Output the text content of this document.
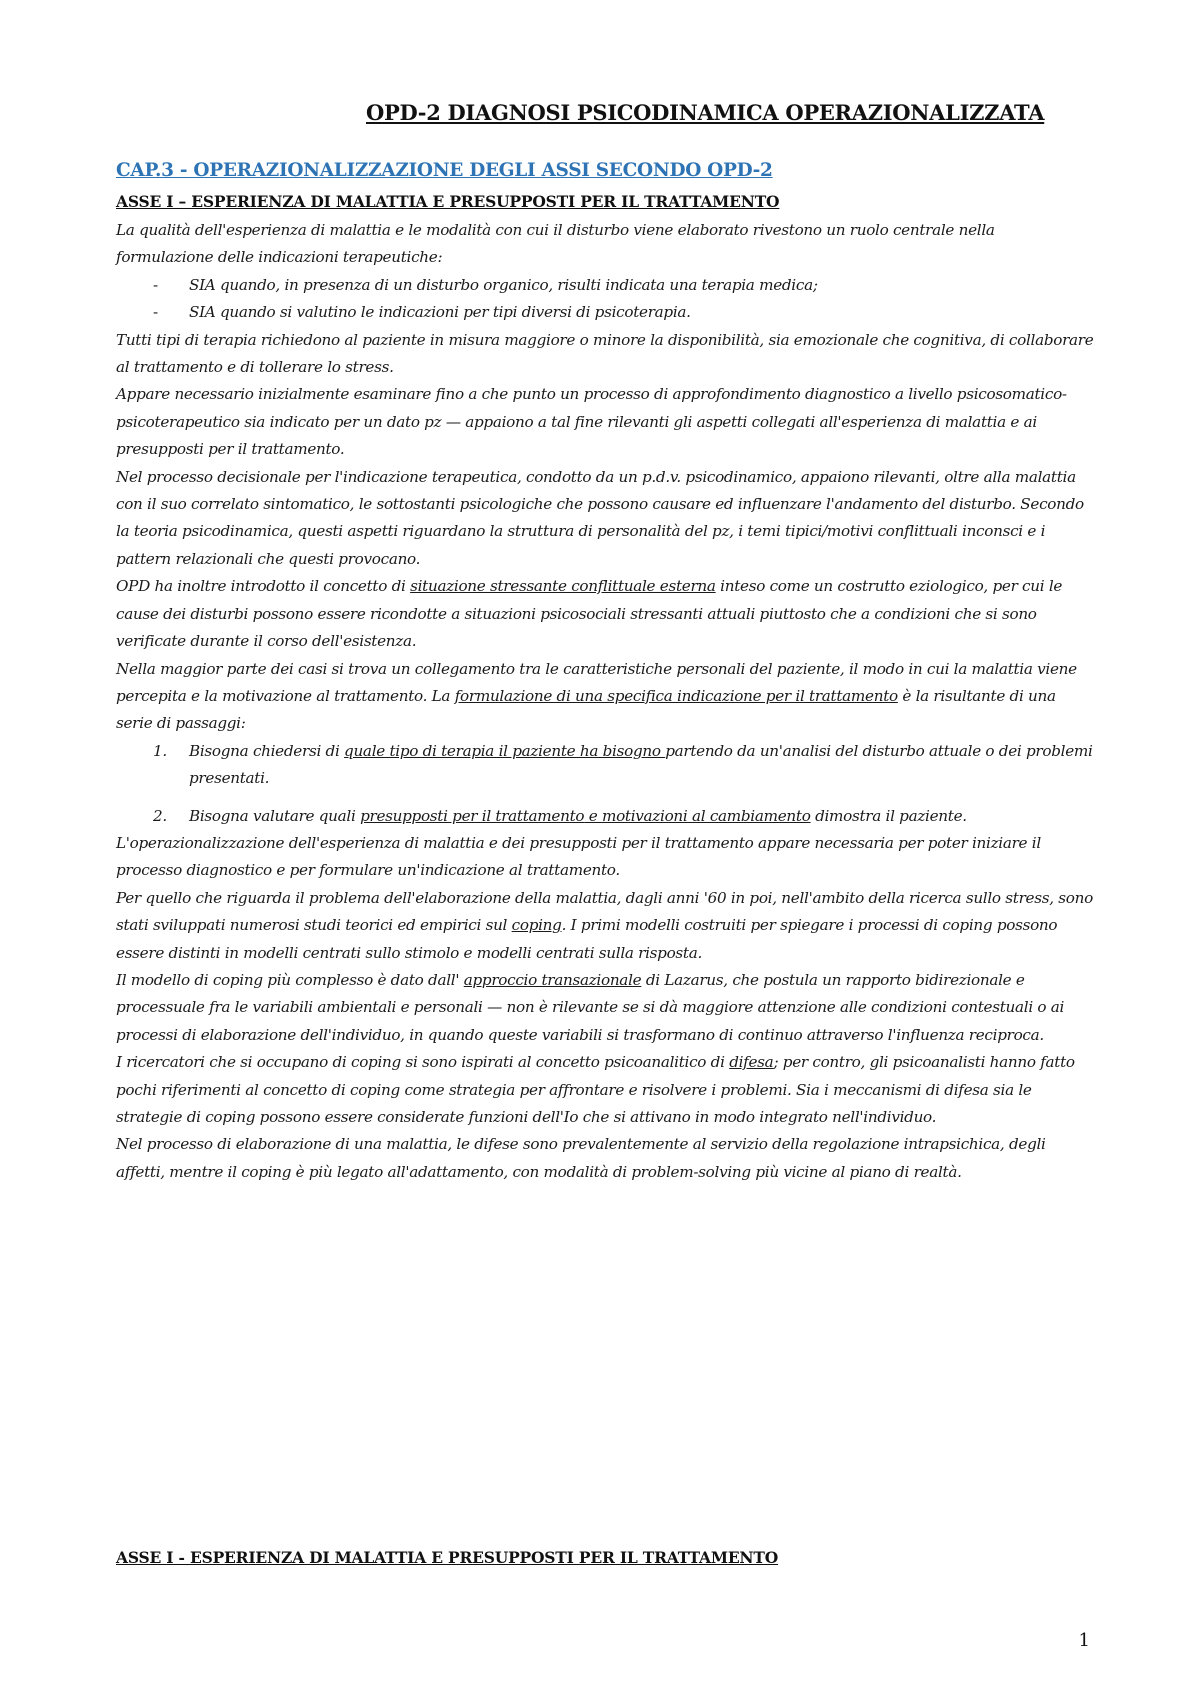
OPD-2 DIAGNOSI PSICODINAMICA OPERAZIONALIZZATA
CAP.3 - OPERAZIONALIZZAZIONE DEGLI ASSI SECONDO OPD-2
ASSE I – ESPERIENZA DI MALATTIA E PRESUPPOSTI PER IL TRATTAMENTO

La qualità dell'esperienza di malattia e le modalità con cui il disturbo viene elaborato rivestono un ruolo centrale nella formulazione delle indicazioni terapeutiche:

- SIA quando, in presenza di un disturbo organico, risulti indicata una terapia medica;
- SIA quando si valutino le indicazioni per tipi diversi di psicoterapia.

Tutti tipi di terapia richiedono al paziente in misura maggiore o minore la disponibilità, sia emozionale che cognitiva, di collaborare al trattamento e di tollerare lo stress.

Appare necessario inizialmente esaminare fino a che punto un processo di approfondimento diagnostico a livello psicosomatico-psicoterapeutico sia indicato per un dato pz — appaiono a tal fine rilevanti gli aspetti collegati all'esperienza di malattia e ai presupposti per il trattamento.

Nel processo decisionale per l'indicazione terapeutica, condotto da un p.d.v. psicodinamico, appaiono rilevanti, oltre alla malattia con il suo correlato sintomatico, le sottostanti psicologiche che possono causare ed influenzare l'andamento del disturbo. Secondo la teoria psicodinamica, questi aspetti riguardano la struttura di personalità del pz, i temi tipici/motivi conflittuali inconsci e i pattern relazionali che questi provocano.

OPD ha inoltre introdotto il concetto di situazione stressante conflittuale esterna inteso come un costrutto eziologico, per cui le cause dei disturbi possono essere ricondotte a situazioni psicosociali stressanti attuali piuttosto che a condizioni che si sono verificate durante il corso dell'esistenza.

Nella maggior parte dei casi si trova un collegamento tra le caratteristiche personali del paziente, il modo in cui la malattia viene percepita e la motivazione al trattamento. La formulazione di una specifica indicazione per il trattamento è la risultante di una serie di passaggi:

1. Bisogna chiedersi di quale tipo di terapia il paziente ha bisogno partendo da un'analisi del disturbo attuale o dei problemi presentati.
2. Bisogna valutare quali presupposti per il trattamento e motivazioni al cambiamento dimostra il paziente.

L'operazionalizzazione dell'esperienza di malattia e dei presupposti per il trattamento appare necessaria per poter iniziare il processo diagnostico e per formulare un'indicazione al trattamento.

Per quello che riguarda il problema dell'elaborazione della malattia, dagli anni '60 in poi, nell'ambito della ricerca sullo stress, sono stati sviluppati numerosi studi teorici ed empirici sul coping. I primi modelli costruiti per spiegare i processi di coping possono essere distinti in modelli centrati sullo stimolo e modelli centrati sulla risposta.

Il modello di coping più complesso è dato dall' approccio transazionale di Lazarus, che postula un rapporto bidirezionale e processuale fra le variabili ambientali e personali — non è rilevante se si dà maggiore attenzione alle condizioni contestuali o ai processi di elaborazione dell'individuo, in quando queste variabili si trasformano di continuo attraverso l'influenza reciproca.

I ricercatori che si occupano di coping si sono ispirati al concetto psicoanalitico di difesa; per contro, gli psicoanalisti hanno fatto pochi riferimenti al concetto di coping come strategia per affrontare e risolvere i problemi. Sia i meccanismi di difesa sia le strategie di coping possono essere considerate funzioni dell'Io che si attivano in modo integrato nell'individuo.

Nel processo di elaborazione di una malattia, le difese sono prevalentemente al servizio della regolazione intrapsichica, degli affetti, mentre il coping è più legato all'adattamento, con modalità di problem-solving più vicine al piano di realtà.

ASSE I - ESPERIENZA DI MALATTIA E PRESUPPOSTI PER IL TRATTAMENTO
1
